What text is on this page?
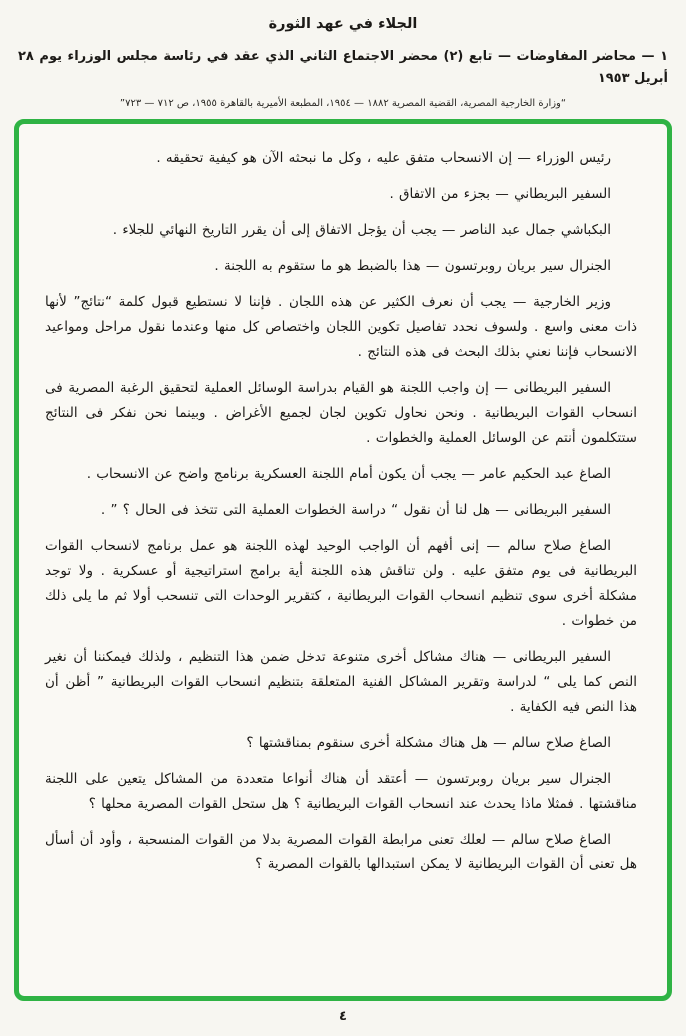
الجلاء في عهد الثورة
١ — محاضر المفاوضات — تابع (٢) محضر الاجتماع الثاني الذي عقد في رئاسة مجلس الوزراء يوم ٢٨ أبريل ١٩٥٣
“وزارة الخارجية المصرية، القضية المصرية ١٨٨٢ — ١٩٥٤، المطبعة الأميرية بالقاهرة ١٩٥٥، ص ٧١٢ — ٧٢٣”

رئيس الوزراء — إن الانسحاب متفق عليه ، وكل ما نبحثه الآن هو كيفية تحقيقه .

السفير البريطاني — بجزء من الاتفاق .

البكباشي جمال عبد الناصر — يجب أن يؤجل الاتفاق إلى أن يقرر التاريخ النهائي للجلاء .

الجنرال سير بريان روبرتسون — هذا بالضبط هو ما ستقوم به اللجنة .

وزير الخارجية — يجب أن نعرف الكثير عن هذه اللجان . فإننا لا نستطيع قبول كلمة “نتائج” لأنها ذات معنى واسع . ولسوف نحدد تفاصيل تكوين اللجان واختصاص كل منها وعندما نقول مراحل ومواعيد الانسحاب فإننا نعني بذلك البحث فى هذه النتائج .

السفير البريطانى — إن واجب اللجنة هو القيام بدراسة الوسائل العملية لتحقيق الرغبة المصرية فى انسحاب القوات البريطانية . ونحن نحاول تكوين لجان لجميع الأغراض . وبينما نحن نفكر فى النتائج ستتكلمون أنتم عن الوسائل العملية والخطوات .

الصاغ عبد الحكيم عامر — يجب أن يكون أمام اللجنة العسكرية برنامج واضح عن الانسحاب .

السفير البريطانى — هل لنا أن نقول “ دراسة الخطوات العملية التى تتخذ فى الحال ؟ ” .

الصاغ صلاح سالم — إنى أفهم أن الواجب الوحيد لهذه اللجنة هو عمل برنامج لانسحاب القوات البريطانية فى يوم متفق عليه . ولن تناقش هذه اللجنة أية برامج استراتيجية أو عسكرية . ولا توجد مشكلة أخرى سوى تنظيم انسحاب القوات البريطانية ، كتقرير الوحدات التى تنسحب أولا ثم ما يلى ذلك من خطوات .

السفير البريطانى — هناك مشاكل أخرى متنوعة تدخل ضمن هذا التنظيم ، ولذلك فيمكننا أن نغير النص كما يلى “ لدراسة وتقرير المشاكل الفنية المتعلقة بتنظيم انسحاب القوات البريطانية ” أظن أن هذا النص فيه الكفاية .

الصاغ صلاح سالم — هل هناك مشكلة أخرى سنقوم بمناقشتها ؟

الجنرال سير بريان روبرتسون — أعتقد أن هناك أنواعا متعددة من المشاكل يتعين على اللجنة مناقشتها . فمثلا ماذا يحدث عند انسحاب القوات البريطانية ؟ هل ستحل القوات المصرية محلها ؟

الصاغ صلاح سالم — لعلك تعنى مرابطة القوات المصرية بدلا من القوات المنسحبة ، وأود أن أسأل هل تعنى أن القوات البريطانية لا يمكن استبدالها بالقوات المصرية ؟

٤
